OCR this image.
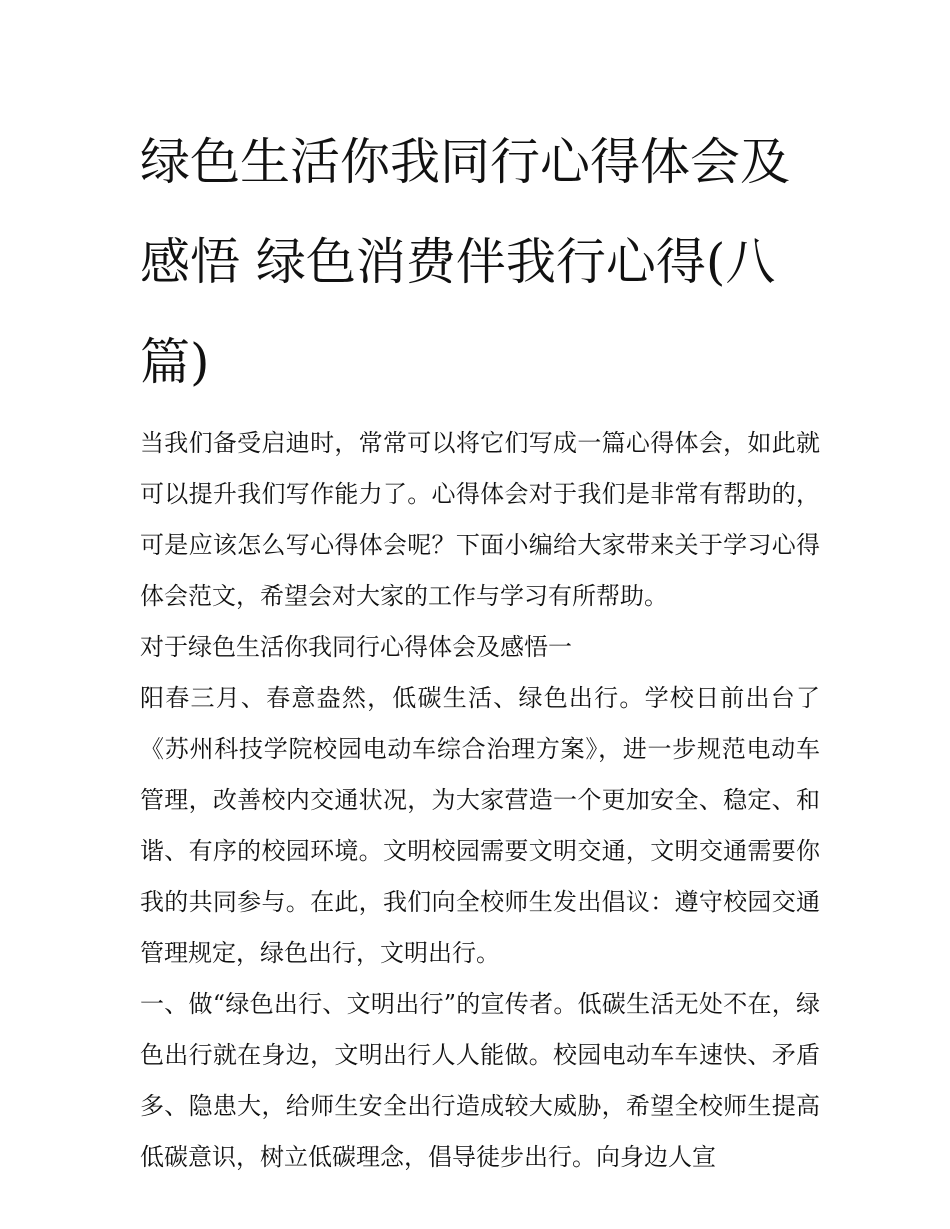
绿色生活你我同行心得体会及感悟 绿色消费伴我行心得(八篇)

当我们备受启迪时，常常可以将它们写成一篇心得体会，如此就可以提升我们写作能力了。心得体会对于我们是非常有帮助的，可是应该怎么写心得体会呢？下面小编给大家带来关于学习心得体会范文，希望会对大家的工作与学习有所帮助。

对于绿色生活你我同行心得体会及感悟一

阳春三月、春意盎然，低碳生活、绿色出行。学校日前出台了《苏州科技学院校园电动车综合治理方案》，进一步规范电动车管理，改善校内交通状况，为大家营造一个更加安全、稳定、和谐、有序的校园环境。文明校园需要文明交通，文明交通需要你我的共同参与。在此，我们向全校师生发出倡议：遵守校园交通管理规定，绿色出行，文明出行。

一、做“绿色出行、文明出行”的宣传者。低碳生活无处不在，绿色出行就在身边，文明出行人人能做。校园电动车车速快、矛盾多、隐患大，给师生安全出行造成较大威胁，希望全校师生提高低碳意识，树立低碳理念，倡导徒步出行。向身边人宣
